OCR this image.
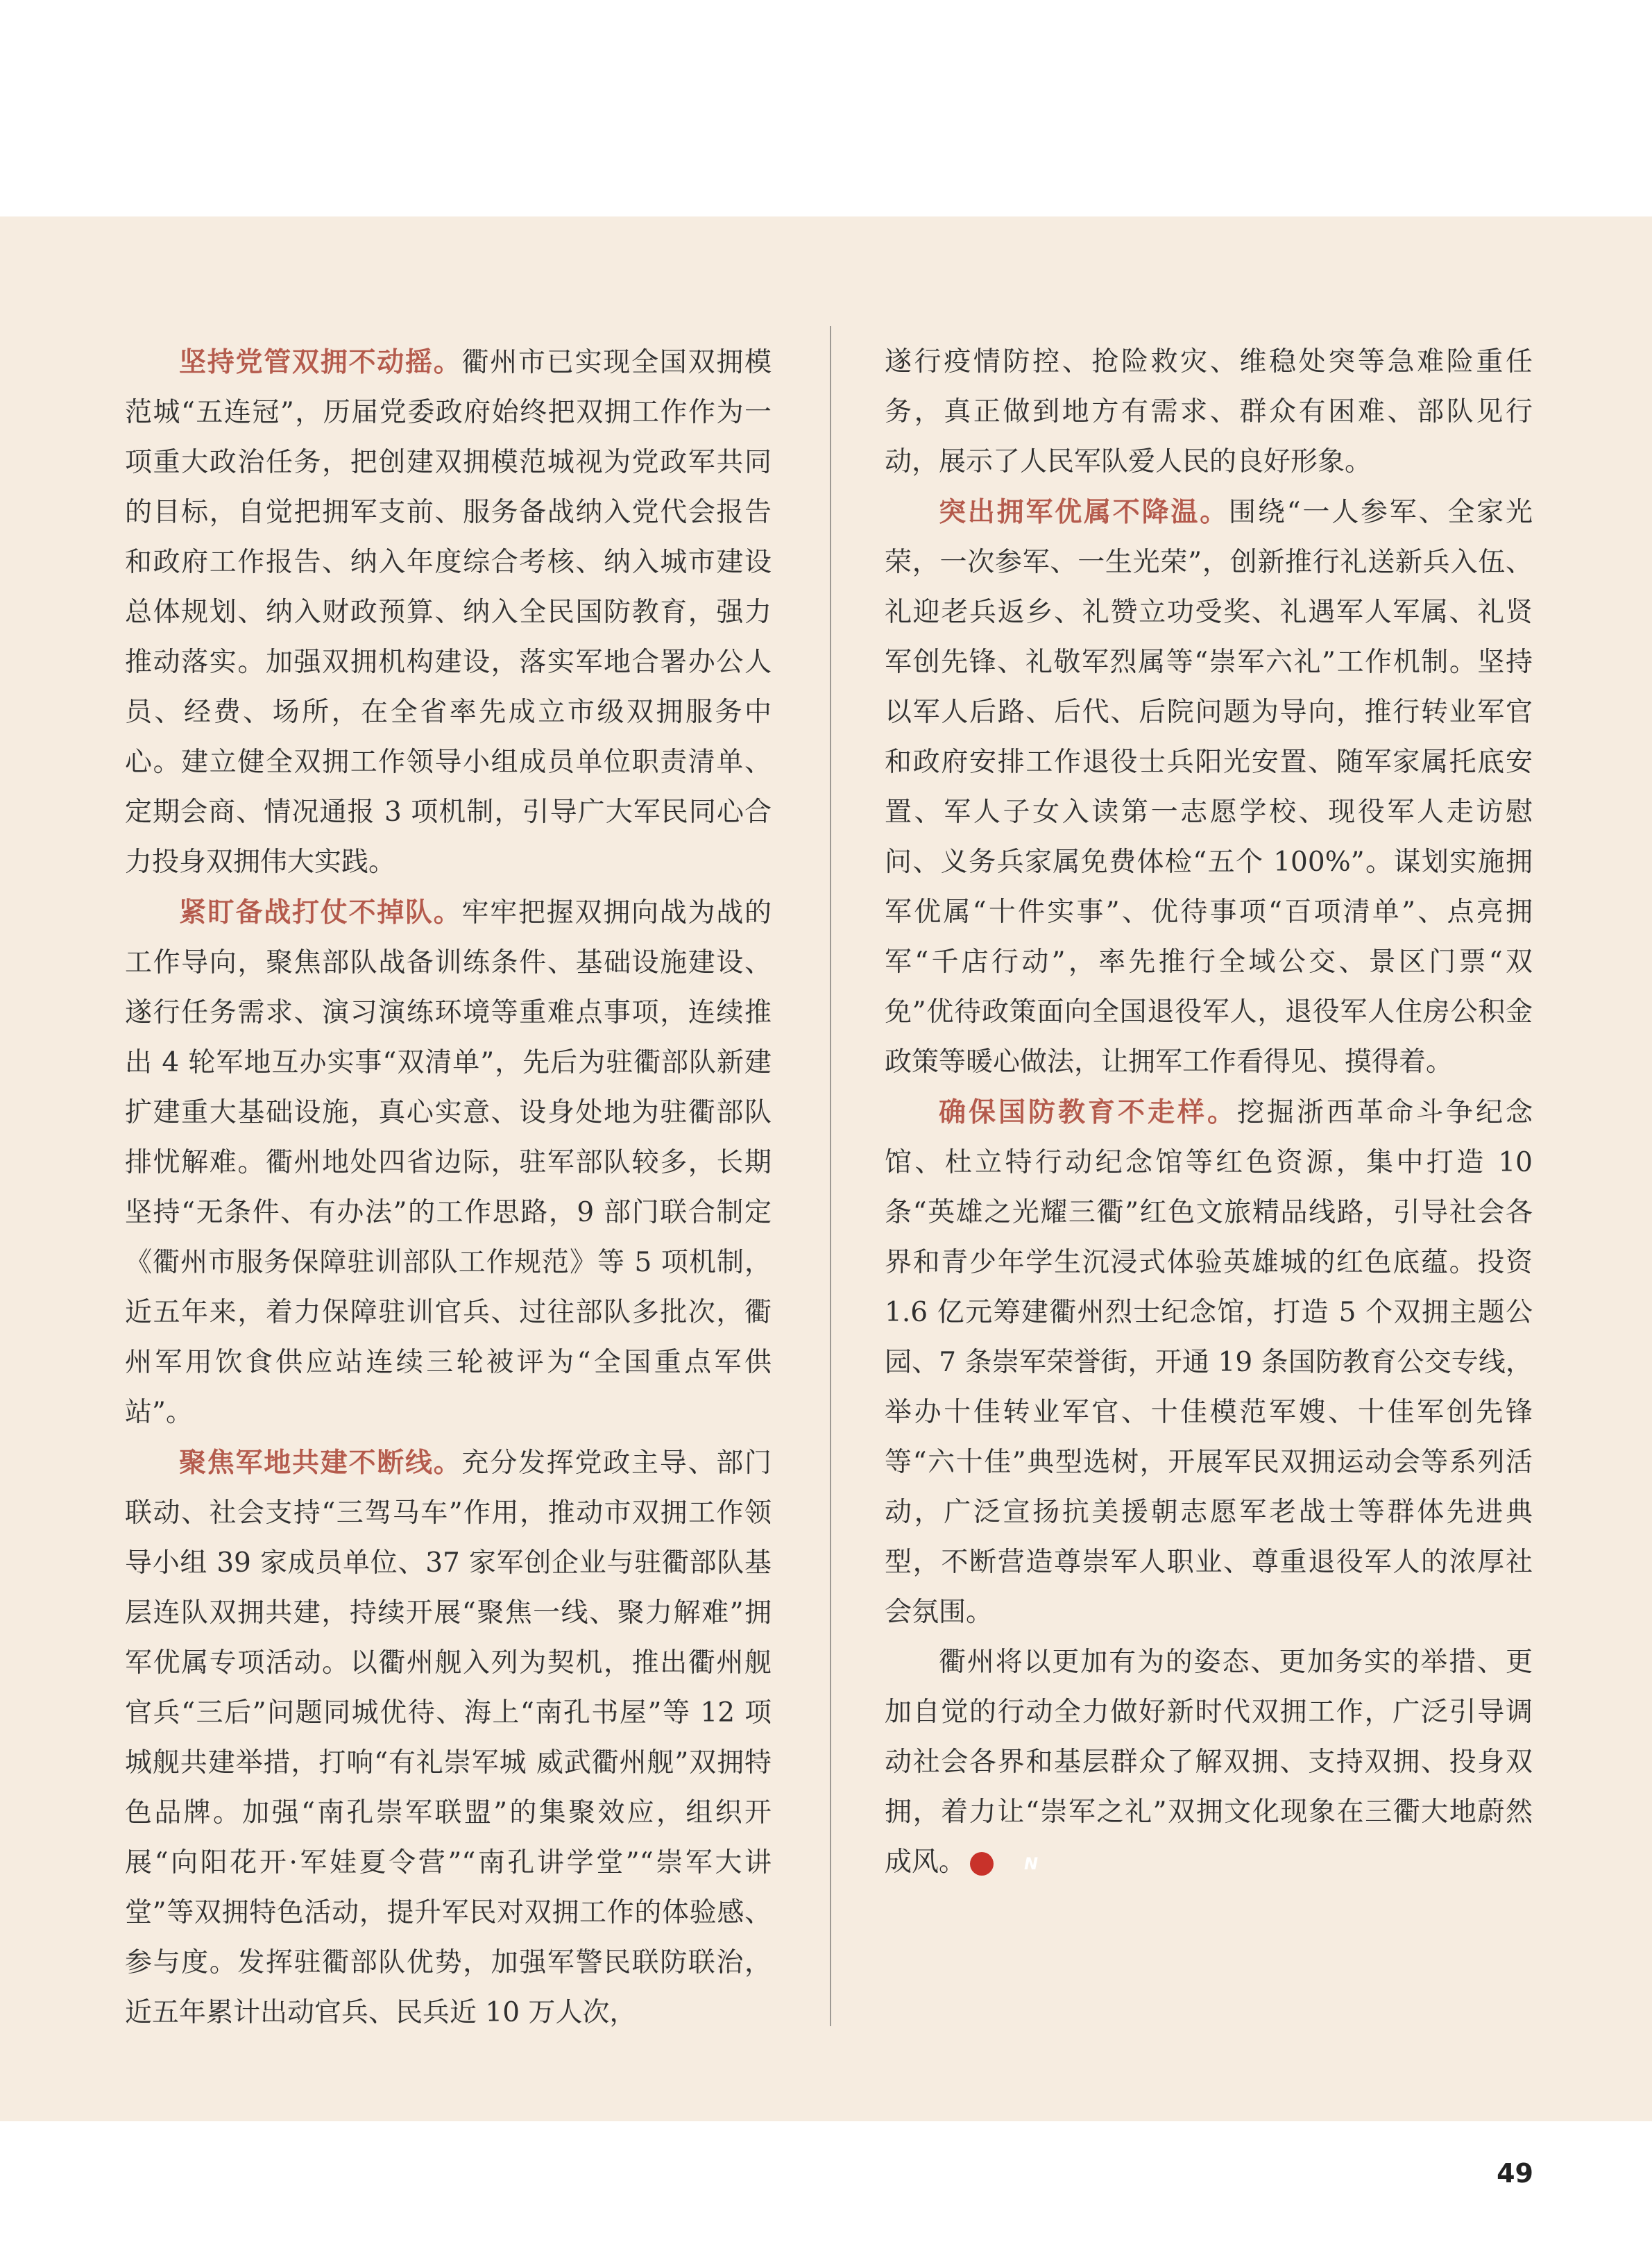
坚持党管双拥不动摇。衢州市已实现全国双拥模范城“五连冠”，历届党委政府始终把双拥工作作为一项重大政治任务，把创建双拥模范城视为党政军共同的目标，自觉把拥军支前、服务备战纳入党代会报告和政府工作报告、纳入年度综合考核、纳入城市建设总体规划、纳入财政预算、纳入全民国防教育，强力推动落实。加强双拥机构建设，落实军地合署办公人员、经费、场所，在全省率先成立市级双拥服务中心。建立健全双拥工作领导小组成员单位职责清单、定期会商、情况通报 3 项机制，引导广大军民同心合力投身双拥伟大实践。

紧盯备战打仗不掉队。牢牢把握双拥向战为战的工作导向，聚焦部队战备训练条件、基础设施建设、遂行任务需求、演习演练环境等重难点事项，连续推出 4 轮军地互办实事“双清单”，先后为驻衢部队新建扩建重大基础设施，真心实意、设身处地为驻衢部队排忧解难。衢州地处四省边际，驻军部队较多，长期坚持“无条件、有办法”的工作思路，9 部门联合制定《衢州市服务保障驻训部队工作规范》等 5 项机制，近五年来，着力保障驻训官兵、过往部队多批次，衢州军用饮食供应站连续三轮被评为“全国重点军供站”。

聚焦军地共建不断线。充分发挥党政主导、部门联动、社会支持“三驾马车”作用，推动市双拥工作领导小组 39 家成员单位、37 家军创企业与驻衢部队基层连队双拥共建，持续开展“聚焦一线、聚力解难”拥军优属专项活动。以衢州舰入列为契机，推出衢州舰官兵“三后”问题同城优待、海上“南孔书屋”等 12 项城舰共建举措，打响“有礼崇军城 威武衢州舰”双拥特色品牌。加强“南孔崇军联盟”的集聚效应，组织开展“向阳花开·军娃夏令营”“南孔讲学堂”“崇军大讲堂”等双拥特色活动，提升军民对双拥工作的体验感、参与度。发挥驻衢部队优势，加强军警民联防联治，近五年累计出动官兵、民兵近 10 万人次，

遂行疫情防控、抢险救灾、维稳处突等急难险重任务，真正做到地方有需求、群众有困难、部队见行动，展示了人民军队爱人民的良好形象。

突出拥军优属不降温。围绕“一人参军、全家光荣，一次参军、一生光荣”，创新推行礼送新兵入伍、礼迎老兵返乡、礼赞立功受奖、礼遇军人军属、礼贤军创先锋、礼敬军烈属等“崇军六礼”工作机制。坚持以军人后路、后代、后院问题为导向，推行转业军官和政府安排工作退役士兵阳光安置、随军家属托底安置、军人子女入读第一志愿学校、现役军人走访慰问、义务兵家属免费体检“五个 100%”。谋划实施拥军优属“十件实事”、优待事项“百项清单”、点亮拥军“千店行动”，率先推行全域公交、景区门票“双免”优待政策面向全国退役军人，退役军人住房公积金政策等暖心做法，让拥军工作看得见、摸得着。

确保国防教育不走样。挖掘浙西革命斗争纪念馆、杜立特行动纪念馆等红色资源，集中打造 10 条“英雄之光耀三衢”红色文旅精品线路，引导社会各界和青少年学生沉浸式体验英雄城的红色底蕴。投资 1.6 亿元筹建衢州烈士纪念馆，打造 5 个双拥主题公园、7 条崇军荣誉街，开通 19 条国防教育公交专线，举办十佳转业军官、十佳模范军嫂、十佳军创先锋等“六十佳”典型选树，开展军民双拥运动会等系列活动，广泛宣扬抗美援朝志愿军老战士等群体先进典型，不断营造尊崇军人职业、尊重退役军人的浓厚社会氛围。

衢州将以更加有为的姿态、更加务实的举措、更加自觉的行动全力做好新时代双拥工作，广泛引导调动社会各界和基层群众了解双拥、支持双拥、投身双拥，着力让“崇军之礼”双拥文化现象在三衢大地蔚然成风。	N

49
